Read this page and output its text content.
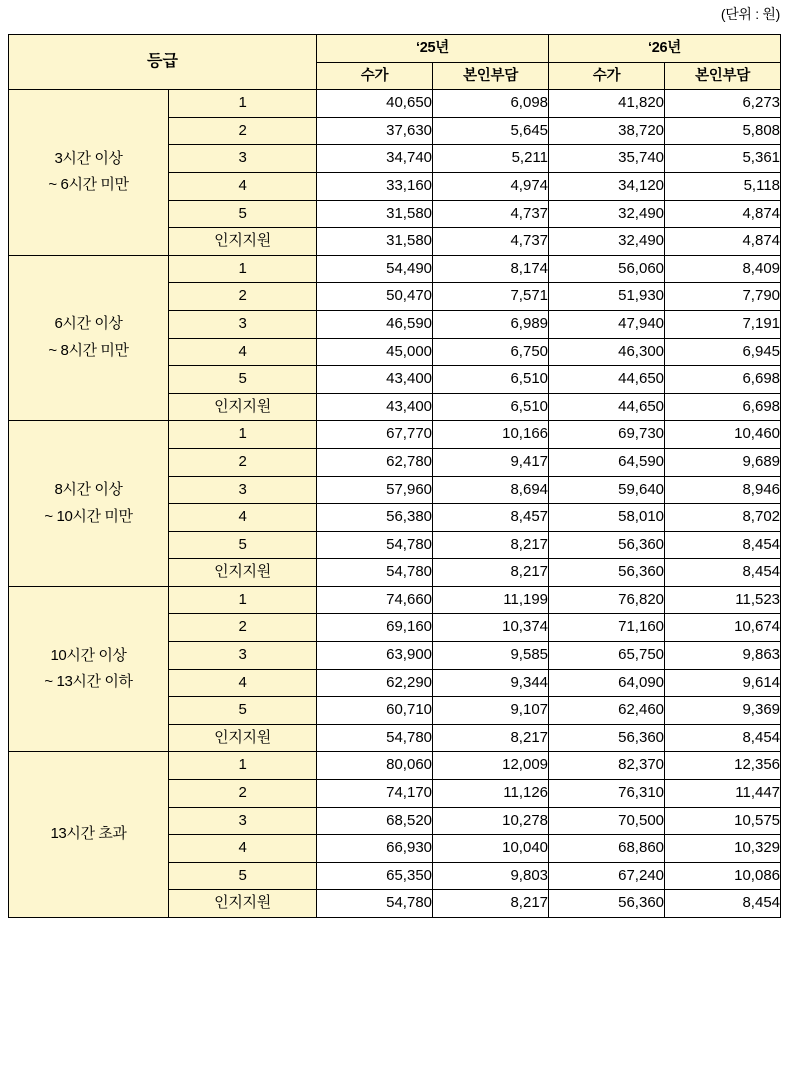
(단위 : 원)
등급		‘25년		‘26년	
		수가	본인부담	수가	본인부담

3시간 이상
~ 6시간 미만	1	40,650	6,098	41,820	6,273
	2	37,630	5,645	38,720	5,808
	3	34,740	5,211	35,740	5,361
	4	33,160	4,974	34,120	5,118
	5	31,580	4,737	32,490	4,874
	인지지원	31,580	4,737	32,490	4,874

6시간 이상
~ 8시간 미만	1	54,490	8,174	56,060	8,409
	2	50,470	7,571	51,930	7,790
	3	46,590	6,989	47,940	7,191
	4	45,000	6,750	46,300	6,945
	5	43,400	6,510	44,650	6,698
	인지지원	43,400	6,510	44,650	6,698

8시간 이상
~ 10시간 미만	1	67,770	10,166	69,730	10,460
	2	62,780	9,417	64,590	9,689
	3	57,960	8,694	59,640	8,946
	4	56,380	8,457	58,010	8,702
	5	54,780	8,217	56,360	8,454
	인지지원	54,780	8,217	56,360	8,454

10시간 이상
~ 13시간 이하	1	74,660	11,199	76,820	11,523
	2	69,160	10,374	71,160	10,674
	3	63,900	9,585	65,750	9,863
	4	62,290	9,344	64,090	9,614
	5	60,710	9,107	62,460	9,369
	인지지원	54,780	8,217	56,360	8,454

13시간 초과	1	80,060	12,009	82,370	12,356
	2	74,170	11,126	76,310	11,447
	3	68,520	10,278	70,500	10,575
	4	66,930	10,040	68,860	10,329
	5	65,350	9,803	67,240	10,086
	인지지원	54,780	8,217	56,360	8,454
